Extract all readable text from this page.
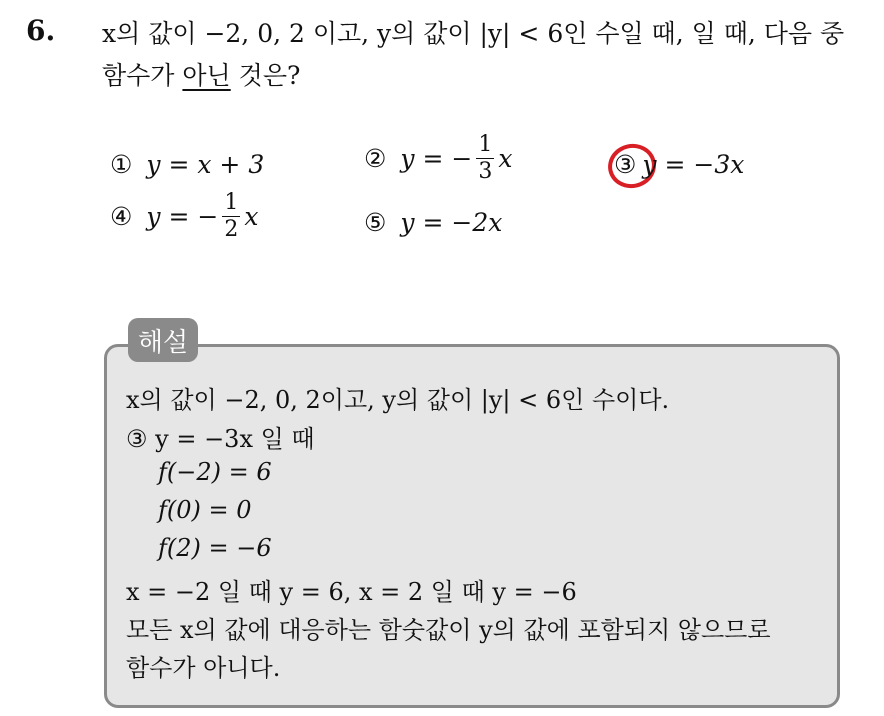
6. x의 값이 −2, 0, 2 이고, y의 값이 |y| < 6인 수일 때, 일 때, 다음 중
함수가 아닌 것은?
① y = x + 3	② y = − $\frac{1}{3}$ x	③ y = −3x
④ y = − $\frac{1}{2}$ x	⑤ y = −2x
해설
x의 값이 −2, 0, 2이고, y의 값이 |y| < 6인 수이다.
③ y = −3x 일 때
f(−2) = 6
f(0) = 0
f(2) = −6
x = −2 일 때 y = 6, x = 2 일 때 y = −6
모든 x의 값에 대응하는 함숫값이 y의 값에 포함되지 않으므로
함수가 아니다.
